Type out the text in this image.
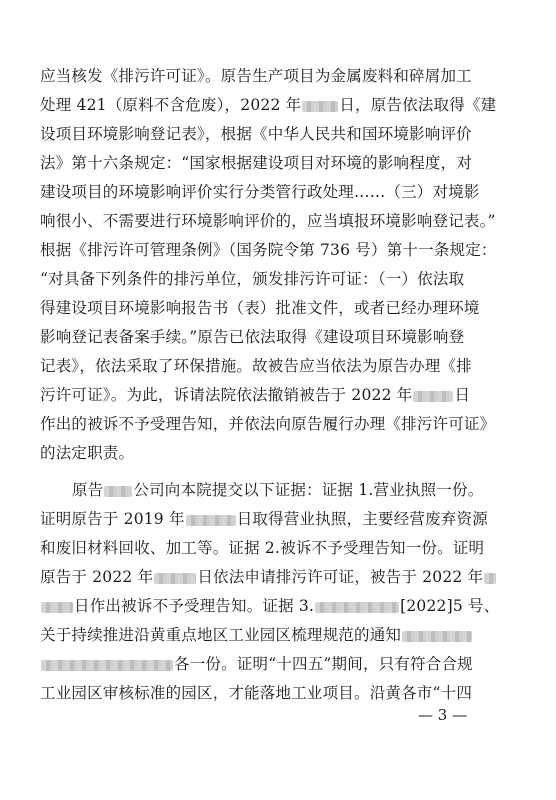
应当核发《排污许可证》。原告生产项目为金属废料和碎屑加工
处理 421（原料不含危废），2022 年 日，原告依法取得《建
设项目环境影响登记表》，根据《中华人民共和国环境影响评价
法》第十六条规定：“国家根据建设项目对环境的影响程度，对
建设项目的环境影响评价实行分类管行政处理……（三）对境影
响很小、不需要进行环境影响评价的，应当填报环境影响登记表。”
根据《排污许可管理条例》（国务院令第 736 号）第十一条规定：
“对具备下列条件的排污单位，颁发排污许可证：（一）依法取
得建设项目环境影响报告书（表）批准文件，或者已经办理环境
影响登记表备案手续。”原告已依法取得《建设项目环境影响登
记表》，依法采取了环保措施。故被告应当依法为原告办理《排
污许可证》。为此，诉请法院依法撤销被告于 2022 年	日
作出的被诉不予受理告知，并依法向原告履行办理《排污许可证》
的法定职责。
原告 公司向本院提交以下证据：证据 1.营业执照一份。
证明原告于 2019 年	日取得营业执照，主要经营废弃资源
和废旧材料回收、加工等。证据 2.被诉不予受理告知一份。证明
原告于 2022 年	日依法申请排污许可证，被告于 2022 年
日作出被诉不予受理告知。证据 3.	[2022]5 号、
关于持续推进沿黄重点地区工业园区梳理规范的通知
各一份。证明“十四五”期间，只有符合合规
工业园区审核标准的园区，才能落地工业项目。沿黄各市“十四
— 3 —
